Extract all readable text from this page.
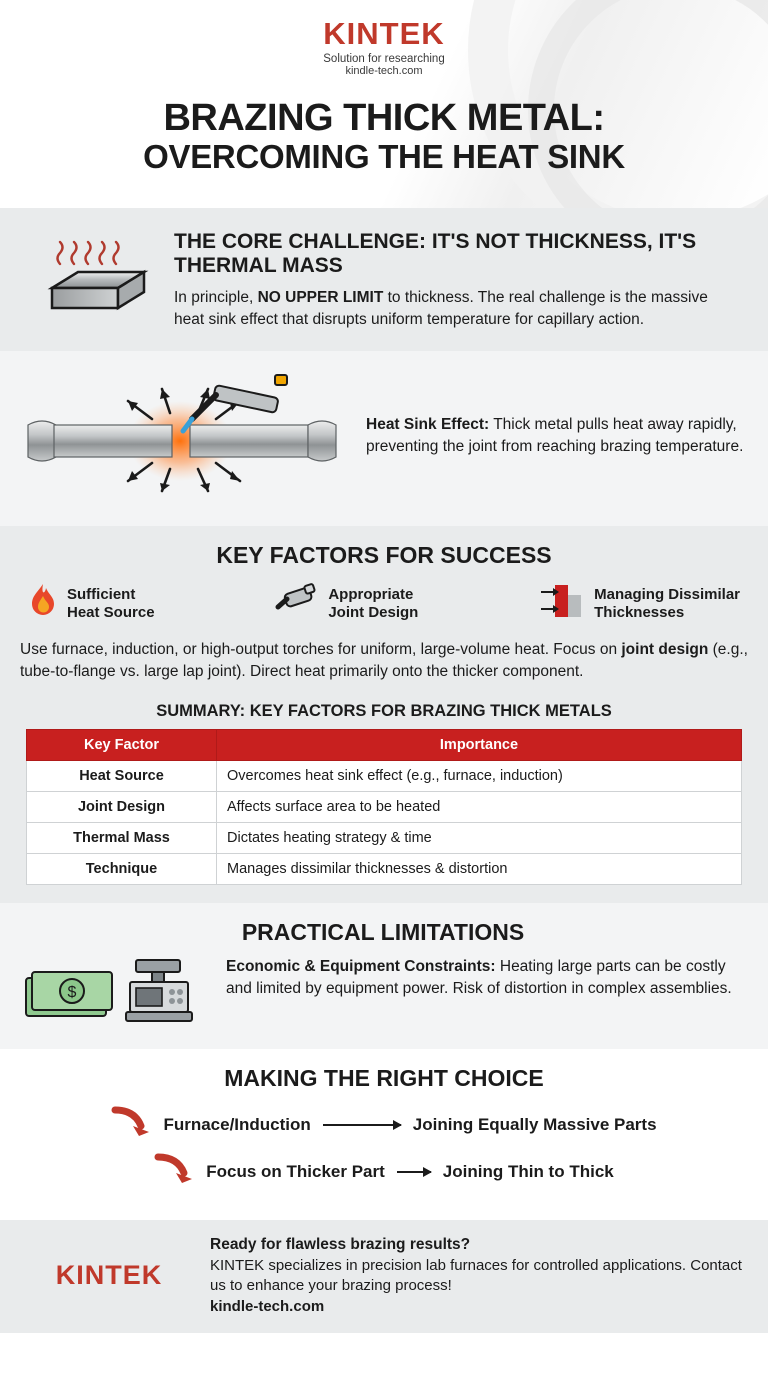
KINTEK
Solution for researching
kindle-tech.com
BRAZING THICK METAL:
OVERCOMING THE HEAT SINK
THE CORE CHALLENGE: IT'S NOT THICKNESS, IT'S THERMAL MASS

In principle, NO UPPER LIMIT to thickness. The real challenge is the massive heat sink effect that disrupts uniform temperature for capillary action.

Heat Sink Effect: Thick metal pulls heat away rapidly, preventing the joint from reaching brazing temperature.

KEY FACTORS FOR SUCCESS
Sufficient
Heat Source
Appropriate
Joint Design
Managing Dissimilar
Thicknesses

Use furnace, induction, or high-output torches for uniform, large-volume heat. Focus on joint design (e.g., tube-to-flange vs. large lap joint). Direct heat primarily onto the thicker component.

SUMMARY: KEY FACTORS FOR BRAZING THICK METALS
Key Factor	Importance
Heat Source	Overcomes heat sink effect (e.g., furnace, induction)
Joint Design	Affects surface area to be heated
Thermal Mass	Dictates heating strategy & time
Technique	Manages dissimilar thicknesses & distortion
PRACTICAL LIMITATIONS
$

Economic & Equipment Constraints: Heating large parts can be costly and limited by equipment power. Risk of distortion in complex assemblies.

MAKING THE RIGHT CHOICE
Furnace/Induction	Joining Equally Massive Parts
Focus on Thicker Part	Joining Thin to Thick
KINTEK
Ready for flawless brazing results?

KINTEK specializes in precision lab furnaces for controlled applications. Contact us to enhance your brazing process!

kindle-tech.com
